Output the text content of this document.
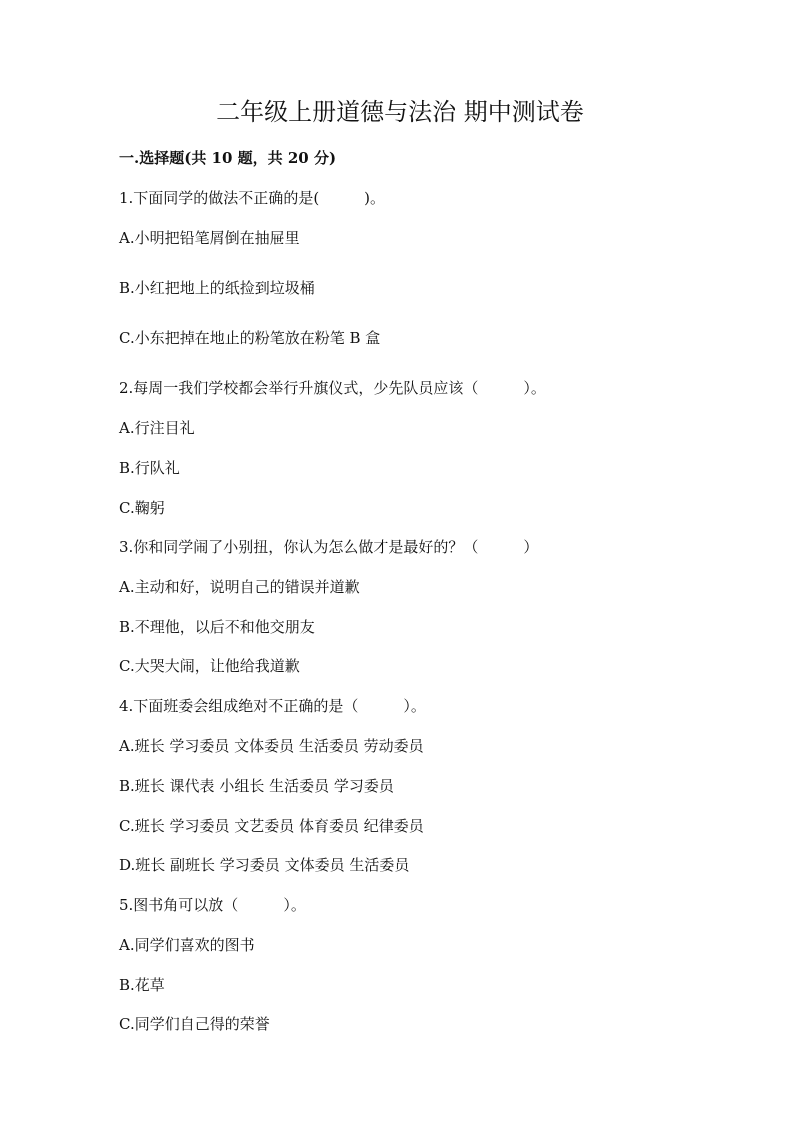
二年级上册道德与法治 期中测试卷
一.选择题(共 10 题，共 20 分)
1.下面同学的做法不正确的是(　　　)。
A.小明把铅笔屑倒在抽屉里
B.小红把地上的纸捡到垃圾桶
C.小东把掉在地止的粉笔放在粉笔 B 盒
2.每周一我们学校都会举行升旗仪式，少先队员应该（　　　）。
A.行注目礼
B.行队礼
C.鞠躬
3.你和同学闹了小别扭，你认为怎么做才是最好的？（　　　）
A.主动和好，说明自己的错误并道歉
B.不理他，以后不和他交朋友
C.大哭大闹，让他给我道歉
4.下面班委会组成绝对不正确的是（　　　）。
A.班长 学习委员 文体委员 生活委员 劳动委员
B.班长 课代表 小组长 生活委员 学习委员
C.班长 学习委员 文艺委员 体育委员 纪律委员
D.班长 副班长 学习委员 文体委员 生活委员
5.图书角可以放（　　　）。
A.同学们喜欢的图书
B.花草
C.同学们自己得的荣誉
